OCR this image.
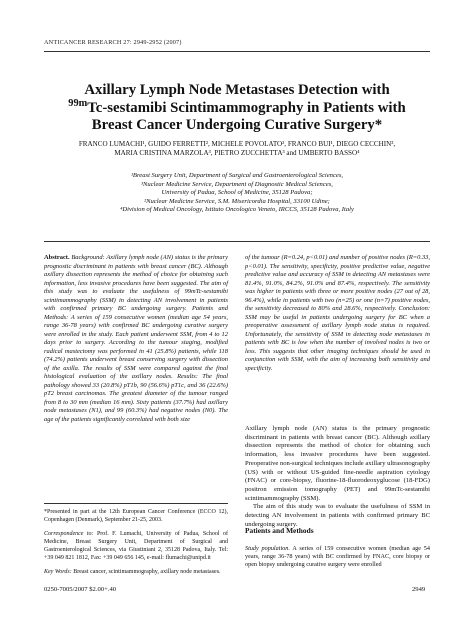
ANTICANCER RESEARCH 27: 2949-2952 (2007)
Axillary Lymph Node Metastases Detection with
$^{99m}$Tc-sestamibi Scintimammography in Patients with
Breast Cancer Undergoing Curative Surgery*
FRANCO LUMACHI¹, GUIDO FERRETTI², MICHELE POVOLATO², FRANCO BUI¹, DIEGO CECCHIN³,
MARIA CRISTINA MARZOLA³, PIETRO ZUCCHETTA³ and UMBERTO BASSO⁴
¹Breast Surgery Unit, Department of Surgical and Gastroenterological Sciences,
³Nuclear Medicine Service, Department of Diagnostic Medical Sciences,
University of Padua, School of Medicine, 35128 Padova;
²Nuclear Medicine Service, S.M. Misericordia Hospital, 33100 Udine;
⁴Division of Medical Oncology, Istituto Oncologico Veneto, IRCCS, 35128 Padova, Italy
Abstract. Background: Axillary lymph node (AN) status is the primary prognostic discriminant in patients with breast cancer (BC). Although axillary dissection represents the method of choice for obtaining such information, less invasive procedures have been suggested. The aim of this study was to evaluate the usefulness of 99mTc-sestamibi scintimammography (SSM) in detecting AN involvement in patients with confirmed primary BC undergoing surgery. Patients and Methods: A series of 159 consecutive women (median age 54 years, range 36-78 years) with confirmed BC undergoing curative surgery were enrolled in the study. Each patient underwent SSM, from 4 to 12 days prior to surgery. According to the tumour staging, modified radical mastectomy was performed in 41 (25.8%) patients, while 118 (74.2%) patients underwent breast conserving surgery with dissection of the axilla. The results of SSM were compared against the final histological evaluation of the axillary nodes. Results: The final pathology showed 33 (20.8%) pT1b, 90 (56.6%) pT1c, and 36 (22.6%) pT2 breast carcinomas. The greatest diameter of the tumour ranged from 8 to 30 mm (median 16 mm). Sixty patients (37.7%) had axillary node metastases (N1), and 99 (60.3%) had negative nodes (N0). The age of the patients significantly correlated with both size

*Presented in part at the 12th European Cancer Conference (ECCO 12), Copenhagen (Denmark), September 21-25, 2003.

Correspondence to: Prof. F. Lumachi, University of Padua, School of Medicine, Breast Surgery Unit, Department of Surgical and Gastroenterological Sciences, via Giustiniani 2, 35128 Padova, Italy. Tel: +39 049 821 1812, Fax: +39 049 656 145, e-mail: flumachi@unipd.it

Key Words: Breast cancer, scintimammography, axillary node metastases.

of the tumour (R=0.24, p<0.01) and number of positive nodes (R=0.33, p<0.01). The sensitivity, specificity, positive predictive value, negative predictive value and accuracy of SSM in detecting AN metastases were 81.4%, 91.0%, 84.2%, 91.0% and 87.4%, respectively. The sensitivity was higher in patients with three or more positive nodes (27 out of 28, 96.4%), while in patients with two (n=25) or one (n=7) positive nodes, the sensitivity decreased to 80% and 28.6%, respectively. Conclusion: SSM may be useful in patients undergoing surgery for BC when a preoperative assessment of axillary lymph node status is required. Unfortunately, the sensitivity of SSM in detecting node metastases in patients with BC is low when the number of involved nodes is two or less. This suggests that other imaging techniques should be used in conjunction with SSM, with the aim of increasing both sensitivity and specificity.

Axillary lymph node (AN) status is the primary prognostic discriminant in patients with breast cancer (BC). Although axillary dissection represents the method of choice for obtaining such information, less invasive procedures have been suggested. Preoperative non-surgical techniques include axillary ultrasonography (US) with or without US-guided fine-needle aspiration cytology (FNAC) or core-biopsy, fluorine-18-fluorodeoxyglucose (18-FDG) positron emission tomography (PET) and 99mTc-sestamibi scintimammography (SSM).

The aim of this study was to evaluate the usefulness of SSM in detecting AN involvement in patients with confirmed primary BC undergoing surgery.

Patients and Methods
Study population. A series of 159 consecutive women (median age 54 years, range 36-78 years) with BC confirmed by FNAC, core biopsy or open biopsy undergoing curative surgery were enrolled
0250-7005/2007 $2.00+.40	2949
